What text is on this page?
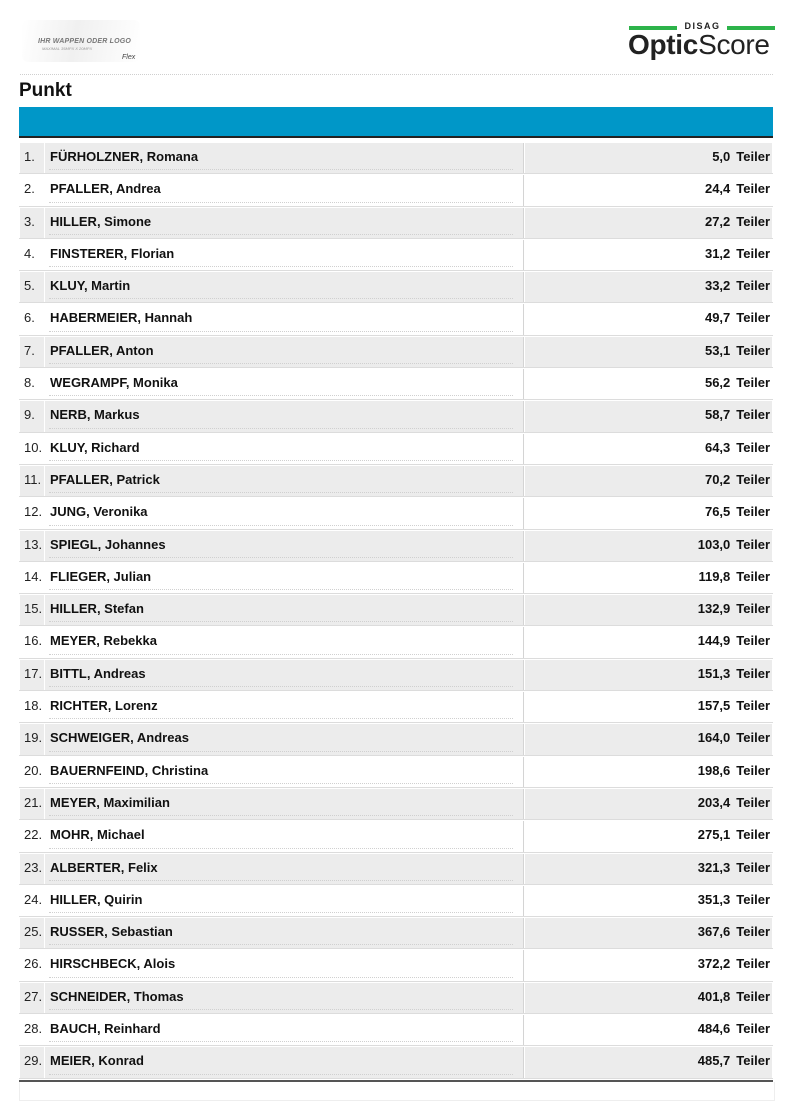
IHR WAPPEN ODER LOGO
MAXIMAL 35MPX X 20MPX
Flex
DISAG
OpticScore
Punkt
1. FÜRHOLZNER, Romana	5,0 Teiler
2. PFALLER, Andrea	24,4 Teiler
3. HILLER, Simone	27,2 Teiler
4. FINSTERER, Florian	31,2 Teiler
5. KLUY, Martin	33,2 Teiler
6. HABERMEIER, Hannah	49,7 Teiler
7. PFALLER, Anton	53,1 Teiler
8. WEGRAMPF, Monika	56,2 Teiler
9. NERB, Markus	58,7 Teiler
10. KLUY, Richard	64,3 Teiler
11. PFALLER, Patrick	70,2 Teiler
12. JUNG, Veronika	76,5 Teiler
13. SPIEGL, Johannes	103,0 Teiler
14. FLIEGER, Julian	119,8 Teiler
15. HILLER, Stefan	132,9 Teiler
16. MEYER, Rebekka	144,9 Teiler
17. BITTL, Andreas	151,3 Teiler
18. RICHTER, Lorenz	157,5 Teiler
19. SCHWEIGER, Andreas	164,0 Teiler
20. BAUERNFEIND, Christina	198,6 Teiler
21. MEYER, Maximilian	203,4 Teiler
22. MOHR, Michael	275,1 Teiler
23. ALBERTER, Felix	321,3 Teiler
24. HILLER, Quirin	351,3 Teiler
25. RUSSER, Sebastian	367,6 Teiler
26. HIRSCHBECK, Alois	372,2 Teiler
27. SCHNEIDER, Thomas	401,8 Teiler
28. BAUCH, Reinhard	484,6 Teiler
29. MEIER, Konrad	485,7 Teiler
